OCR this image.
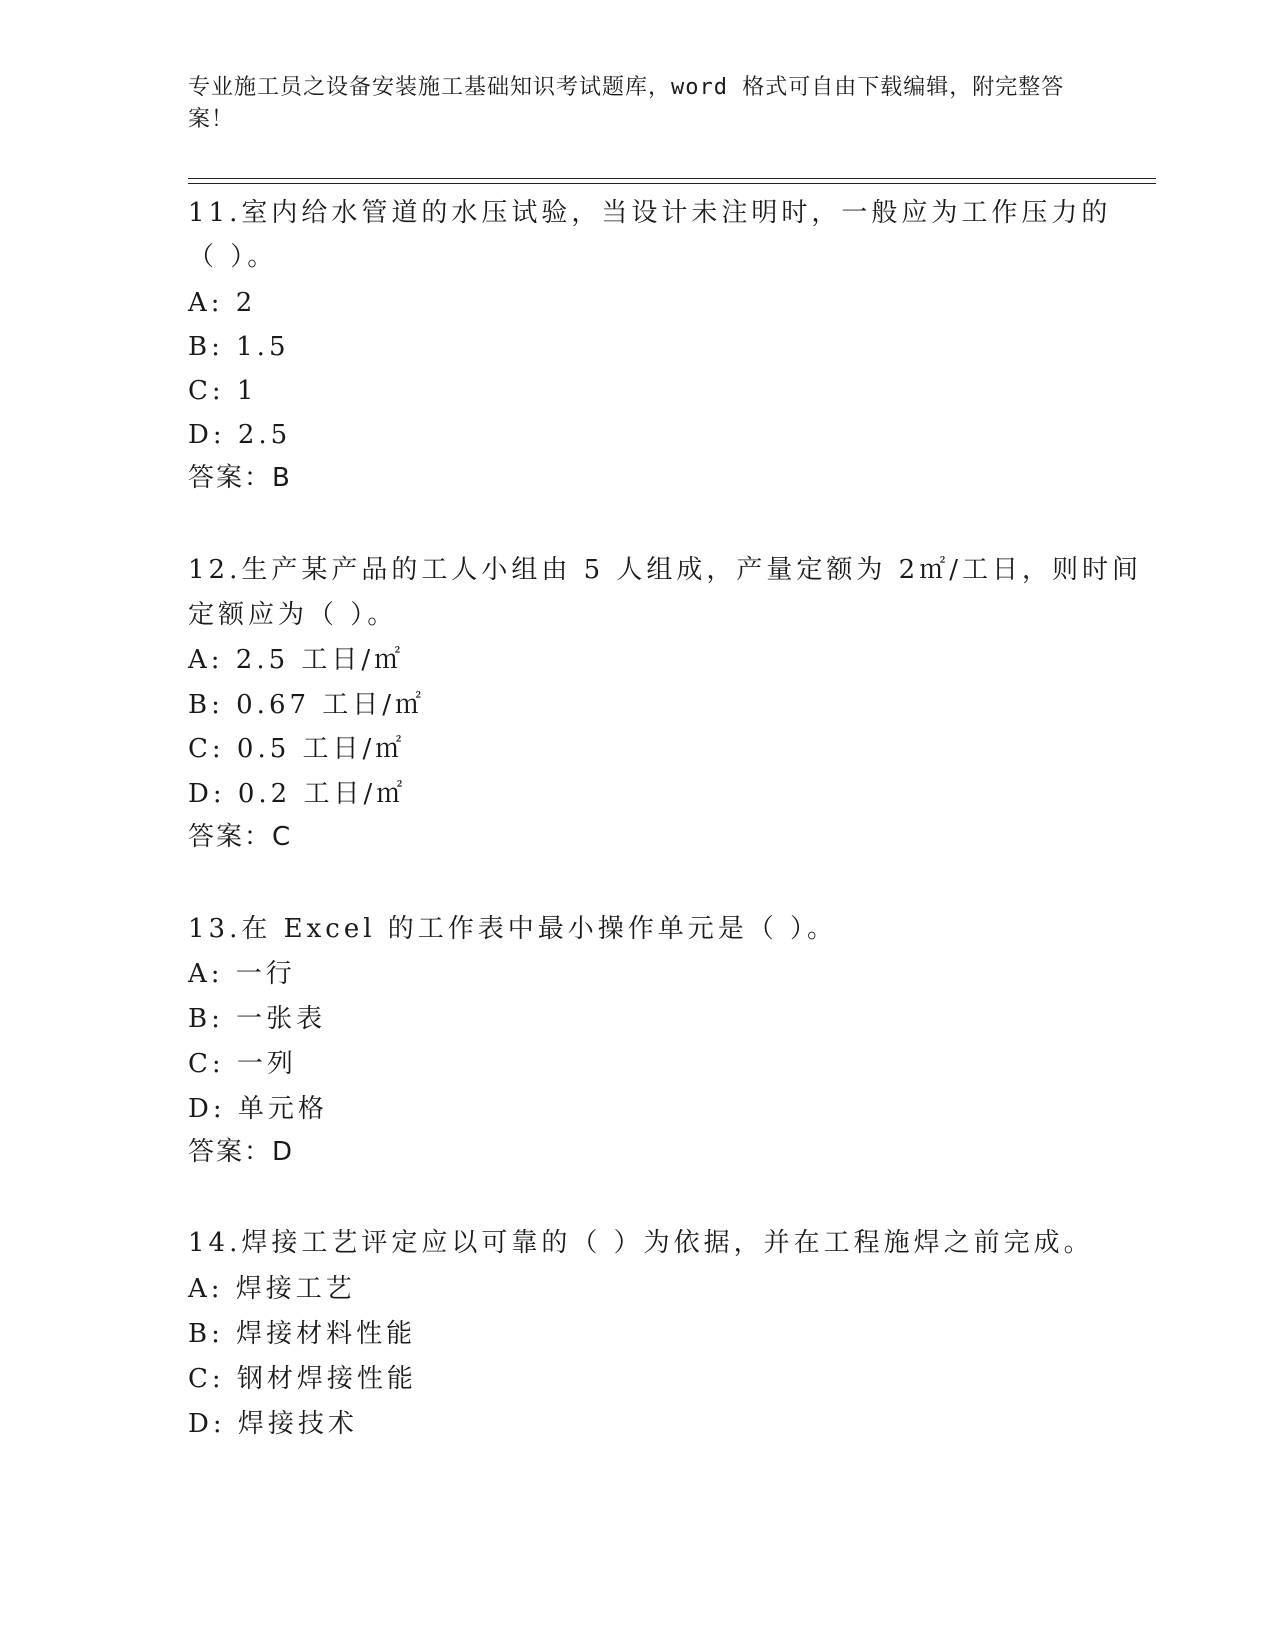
专业施工员之设备安装施工基础知识考试题库，word 格式可自由下载编辑，附完整答案！
11.室内给水管道的水压试验，当设计未注明时，一般应为工作压力的
（ ）。
A: 2
B: 1.5
C: 1
D: 2.5
答案：B
12.生产某产品的工人小组由 5 人组成，产量定额为 2㎡/工日，则时间
定额应为（ ）。
A: 2.5 工日/㎡
B: 0.67 工日/㎡
C: 0.5 工日/㎡
D: 0.2 工日/㎡
答案：C
13.在 Excel 的工作表中最小操作单元是（ ）。
A: 一行
B: 一张表
C: 一列
D: 单元格
答案：D
14.焊接工艺评定应以可靠的（ ）为依据，并在工程施焊之前完成。
A: 焊接工艺
B: 焊接材料性能
C: 钢材焊接性能
D: 焊接技术
